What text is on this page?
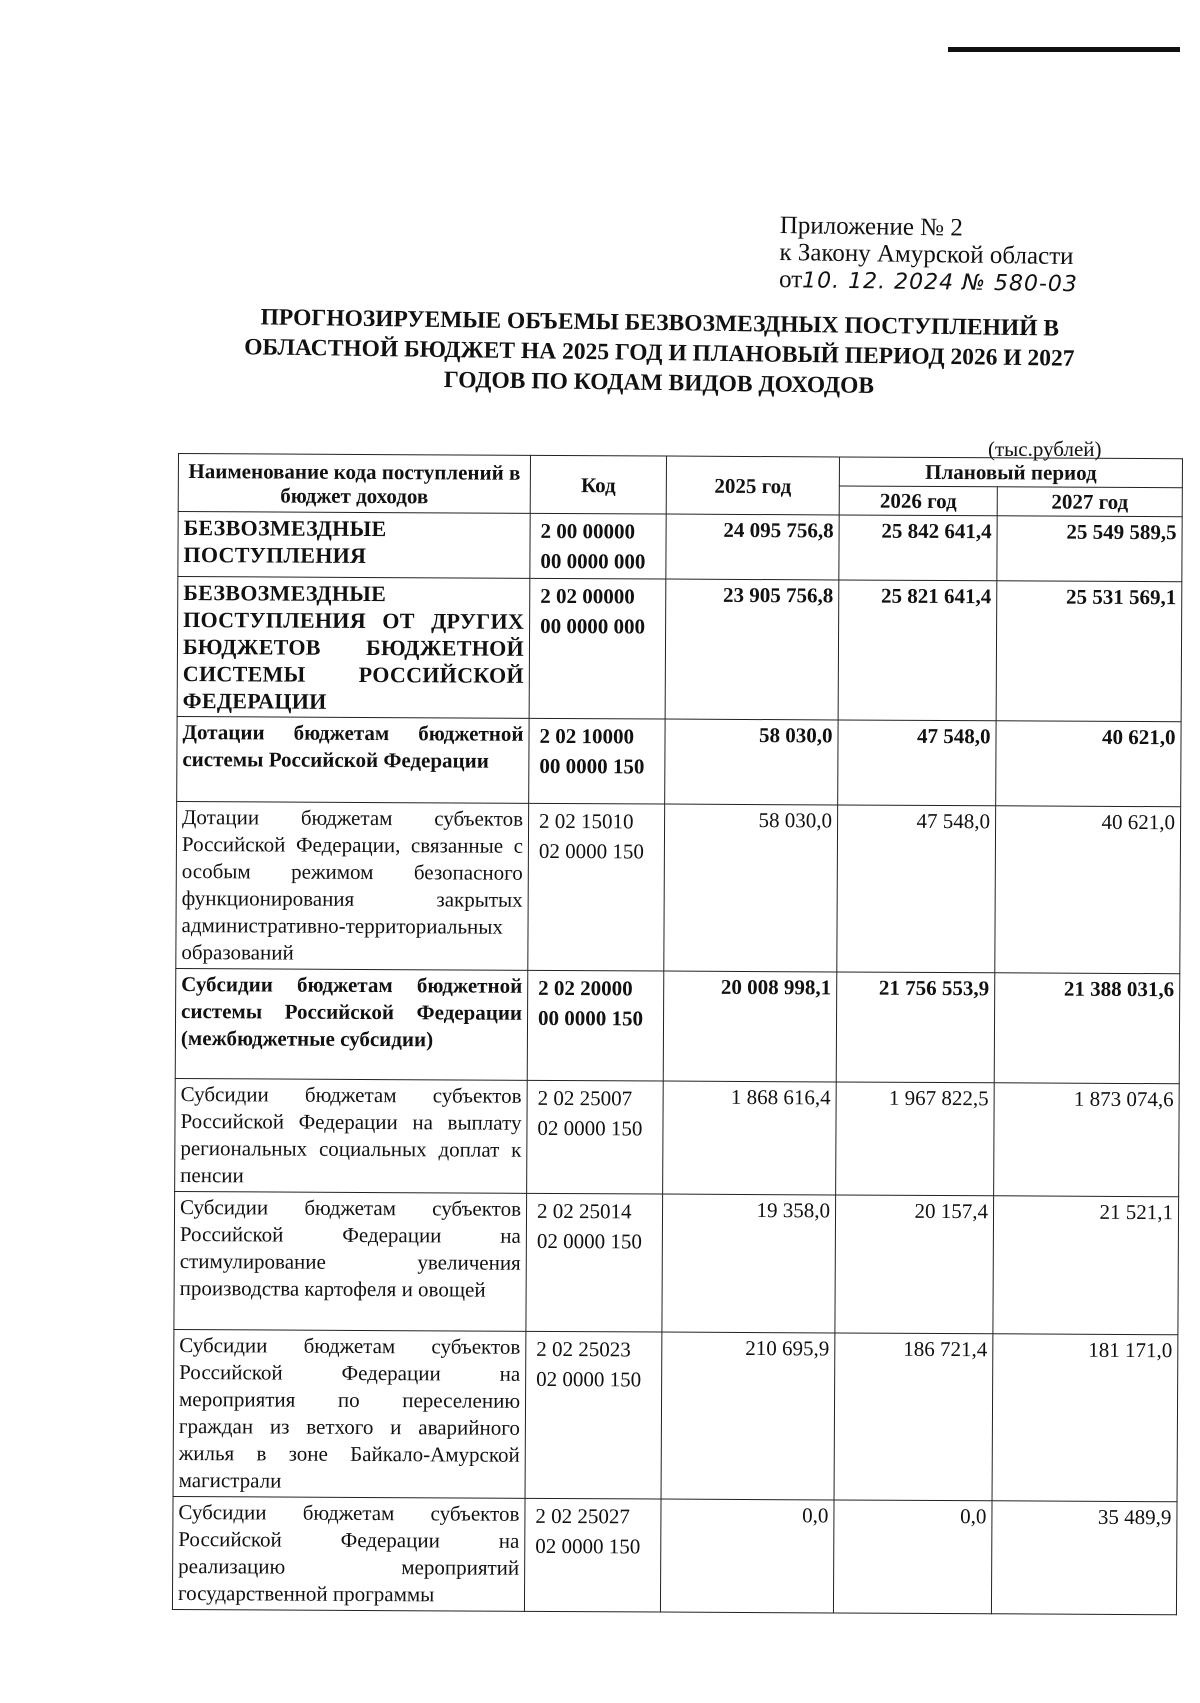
Приложение № 2
к Закону Амурской области
от10. 12. 2024 № 580-03
ПРОГНОЗИРУЕМЫЕ ОБЪЕМЫ БЕЗВОЗМЕЗДНЫХ ПОСТУПЛЕНИЙ В ОБЛАСТНОЙ БЮДЖЕТ НА 2025 ГОД И ПЛАНОВЫЙ ПЕРИОД 2026 И 2027 ГОДОВ ПО КОДАМ ВИДОВ ДОХОДОВ
(тыс.рублей)
Наименование кода поступлений в бюджет доходов	Код	2025 год	Плановый период	
			2026 год	2027 год
БЕЗВОЗМЕЗДНЫЕ ПОСТУПЛЕНИЯ	2 00 00000 00 0000 000	24 095 756,8	25 842 641,4	25 549 589,5
БЕЗВОЗМЕЗДНЫЕ ПОСТУПЛЕНИЯ ОТ ДРУГИХ БЮДЖЕТОВ БЮДЖЕТНОЙ СИСТЕМЫ РОССИЙСКОЙ ФЕДЕРАЦИИ	2 02 00000 00 0000 000	23 905 756,8	25 821 641,4	25 531 569,1
Дотации бюджетам бюджетной системы Российской Федерации	2 02 10000 00 0000 150	58 030,0	47 548,0	40 621,0
Дотации бюджетам субъектов Российской Федерации, связанные с особым режимом безопасного функционирования закрытых административно-территориальных образований	2 02 15010 02 0000 150	58 030,0	47 548,0	40 621,0
Субсидии бюджетам бюджетной системы Российской Федерации (межбюджетные субсидии)	2 02 20000 00 0000 150	20 008 998,1	21 756 553,9	21 388 031,6
Субсидии бюджетам субъектов Российской Федерации на выплату региональных социальных доплат к пенсии	2 02 25007 02 0000 150	1 868 616,4	1 967 822,5	1 873 074,6
Субсидии бюджетам субъектов Российской Федерации на стимулирование увеличения производства картофеля и овощей	2 02 25014 02 0000 150	19 358,0	20 157,4	21 521,1
Субсидии бюджетам субъектов Российской Федерации на мероприятия по переселению граждан из ветхого и аварийного жилья в зоне Байкало-Амурской магистрали	2 02 25023 02 0000 150	210 695,9	186 721,4	181 171,0
Субсидии бюджетам субъектов Российской Федерации на реализацию мероприятий государственной программы	2 02 25027 02 0000 150	0,0	0,0	35 489,9
